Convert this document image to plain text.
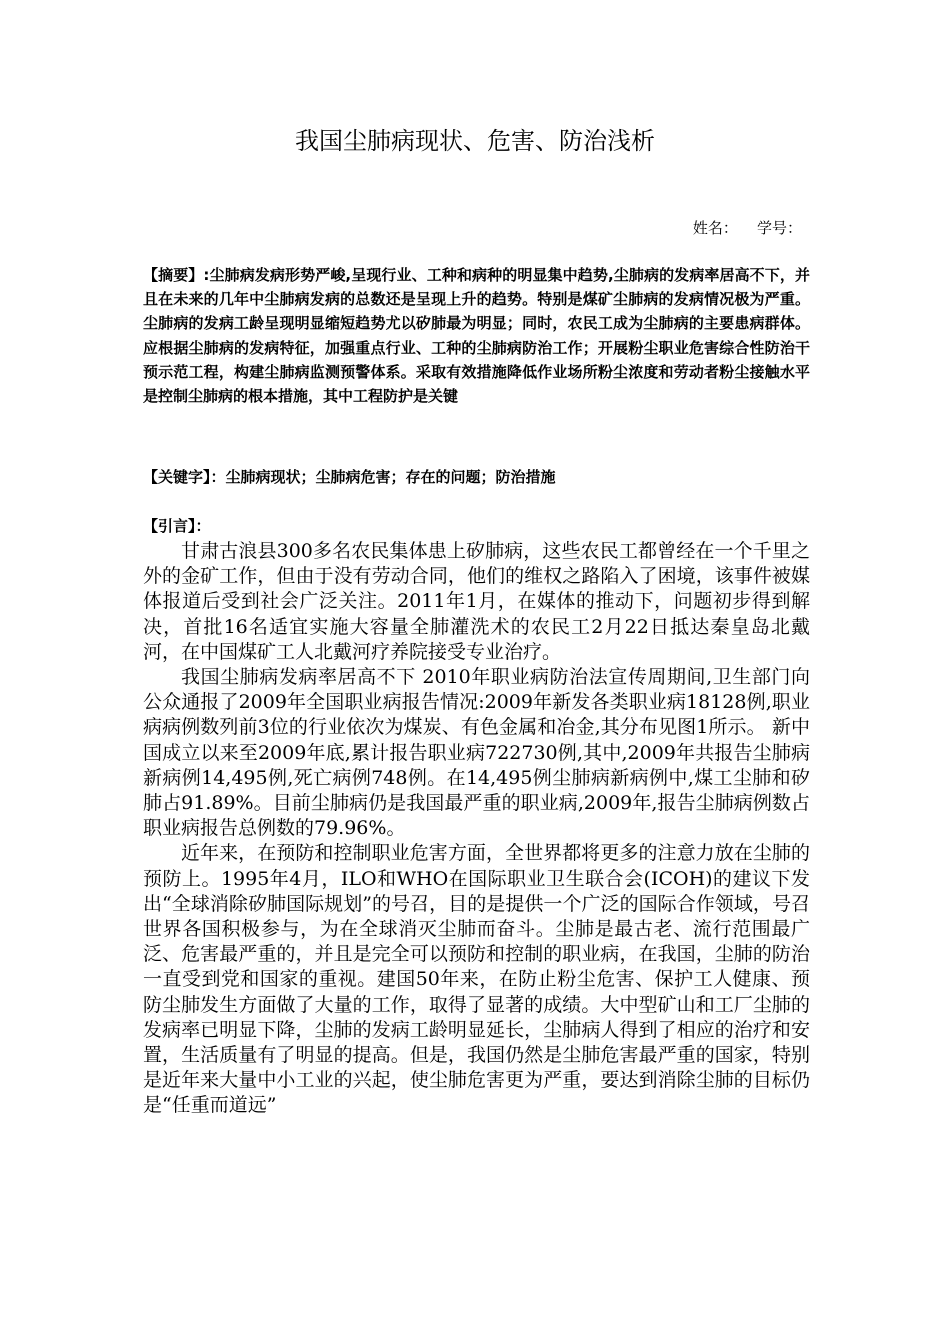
我国尘肺病现状、危害、防治浅析
姓名：    学号：
【摘要】:尘肺病发病形势严峻,呈现行业、工种和病种的明显集中趋势,尘肺病的发病率居高不下，并且在未来的几年中尘肺病发病的总数还是呈现上升的趋势。特别是煤矿尘肺病的发病情况极为严重。尘肺病的发病工龄呈现明显缩短趋势尤以矽肺最为明显；同时，农民工成为尘肺病的主要患病群体。应根据尘肺病的发病特征，加强重点行业、工种的尘肺病防治工作；开展粉尘职业危害综合性防治干预示范工程，构建尘肺病监测预警体系。采取有效措施降低作业场所粉尘浓度和劳动者粉尘接触水平是控制尘肺病的根本措施，其中工程防护是关键
【关键字】：尘肺病现状；尘肺病危害；存在的问题；防治措施
【引言】：

甘肃古浪县300多名农民集体患上矽肺病，这些农民工都曾经在一个千里之外的金矿工作，但由于没有劳动合同，他们的维权之路陷入了困境，该事件被媒体报道后受到社会广泛关注。2011年1月，在媒体的推动下，问题初步得到解决，首批16名适宜实施大容量全肺灌洗术的农民工2月22日抵达秦皇岛北戴河，在中国煤矿工人北戴河疗养院接受专业治疗。

我国尘肺病发病率居高不下 2010年职业病防治法宣传周期间,卫生部门向公众通报了2009年全国职业病报告情况:2009年新发各类职业病18128例,职业病病例数列前3位的行业依次为煤炭、有色金属和冶金,其分布见图1所示。 新中国成立以来至2009年底,累计报告职业病722730例,其中,2009年共报告尘肺病新病例14,495例,死亡病例748例。在14,495例尘肺病新病例中,煤工尘肺和矽肺占91.89%。目前尘肺病仍是我国最严重的职业病,2009年,报告尘肺病例数占职业病报告总例数的79.96%。

近年来，在预防和控制职业危害方面，全世界都将更多的注意力放在尘肺的预防上。1995年4月，ILO和WHO在国际职业卫生联合会(ICOH)的建议下发出“全球消除矽肺国际规划”的号召，目的是提供一个广泛的国际合作领域，号召世界各国积极参与，为在全球消灭尘肺而奋斗。尘肺是最古老、流行范围最广泛、危害最严重的，并且是完全可以预防和控制的职业病，在我国，尘肺的防治一直受到党和国家的重视。建国50年来，在防止粉尘危害、保护工人健康、预防尘肺发生方面做了大量的工作，取得了显著的成绩。大中型矿山和工厂尘肺的发病率已明显下降，尘肺的发病工龄明显延长，尘肺病人得到了相应的治疗和安置，生活质量有了明显的提高。但是，我国仍然是尘肺危害最严重的国家，特别是近年来大量中小工业的兴起，使尘肺危害更为严重，要达到消除尘肺的目标仍是“任重而道远”
